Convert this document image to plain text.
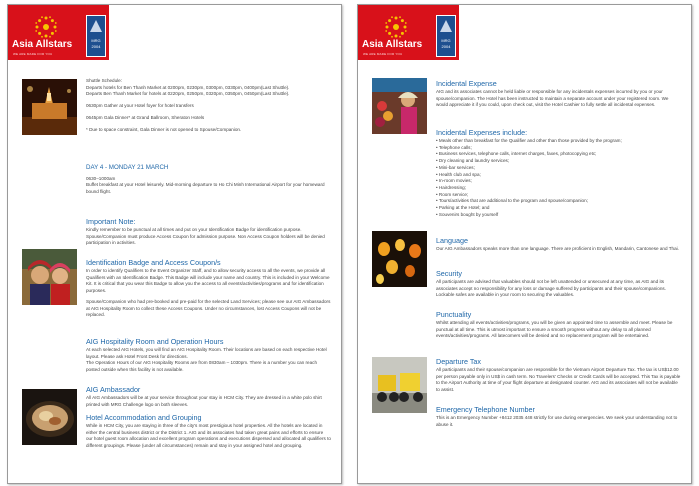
Asia Allstars
WE ARE MADE FOR YOU
MRG
2004

Shuttle Schedule:

Departs hotels for Ben Thanh Market at 0200pm, 0230pm, 0300pm, 0330pm, 0400pm(Last Shuttle).

Departs Ben Thanh Market for hotels at 0220pm, 0250pm, 0320pm, 0350pm, 0450pm(Last Shuttle).

0630pm Gather at your Hotel foyer for hotel transfers

0645pm Gala Dinner* at Grand Ballroom, Sheraton Hotels

* Due to space constraint, Gala Dinner is not opened to Spouse/Companion.

DAY 4 - MONDAY 21 MARCH

0630–1000am

Buffet breakfast at your Hotel leisurely. Mid-morning departure to Ho Chi Minh International Airport for your homeward bound flight.

Important Note:

Kindly remember to be punctual at all times and put on your Identification Badge for identification purpose. Spouse/Companion must produce Access Coupon for admission purpose. Non Access Coupon holders will be denied participation in activities.

Identification Badge and Access Coupon/s

In order to identify Qualifiers to the Event Organizer Staff, and to allow security access to all the events, we provide all Qualifiers with an Identification Badge. This Badge will include your name and country. This is included in your Welcome Kit. It is critical that you wear this Badge to allow you the access to all events/activities/programs and for identification purposes.

Spouse/Companion who had pre-booked and pre-paid for the selected Land Services; please see our AIG Ambassadors at AIG Hospitality Room to collect these Access Coupons. Under no circumstances, lost Access Coupons will not be replaced.

AIG Hospitality Room and Operation Hours

At each selected AIG Hotels, you will find an AIG Hospitality Room. Their locations are based on each respective Hotel layout. Please ask Hotel Front Desk for directions.

The Operation Hours of our AIG Hospitality Rooms are from 0830am – 1030pm. There is a number you can reach posted outside when this facility is not available.

AIG Ambassador

All AIG Ambassadors will be at your service throughout your stay in HCM City. They are dressed in a white polo shirt printed with MRG Challenge logo on both sleeves.

Hotel Accommodation and Grouping

While in HCM City, you are staying in three of the city's most prestigious hotel properties. All the hotels are located in either the central business district or the District 1. AIG and its associates had taken great pains and efforts to ensure our hotel guest room allocation and excellent program operations and executions dispersed and allocated all qualifiers to different groupings. Please (under all circumstances) remain and stay in your assigned hotel and grouping.

Asia Allstars
WE ARE MADE FOR YOU
MRG
2004
Incidental Expense

AIG and its associates cannot be held liable or responsible for any incidentals expenses incurred by you or your spouse/companion. The Hotel has been instructed to maintain a separate account under your registered room. We would appreciate it if you could, upon check out, visit the Hotel Cashier to fully settle all incidental expenses.

Incidental Expenses include:
• Meals other than breakfast for the Qualifier and other than those provided by the program;
• Telephone calls;
• Business services, telephone calls, internet charges, faxes, photocopying etc;
• Dry cleaning and laundry services;
• Mini-bar services;
• Health club and spa;
• In-room movies;
• Hairdressing;
• Room service;
• Tours/activities that are additional to the program and spouse/companion;
• Parking at the Hotel; and
• Souvenirs bought by yourself
Language

Our AIG Ambassadors speaks more than one language. There are proficient in English, Mandarin, Cantonese and Thai.

Security

All participants are advised that valuables should not be left unattended or unsecured at any time, as AIG and its associates accept no responsibility for any loss or damage suffered by participants and their spouse/companions. Lockable safes are available in your room to securing the valuables.

Punctuality

Whilst attending all events/activities/programs, you will be given an appointed time to assemble and meet. Please be punctual at all time. This is utmost important to ensure a smooth progress without any delay to all planned events/activities/programs. All latecomers will be denied and no replacement program will be entertained.

Departure Tax

All participants and their spouse/companion are responsible for the Vietnam Airport Departure Tax. The tax is US$12.00 per person payable only in US$ in cash term. No Travelers' Checks or Credit Cards will be accepted. This Tax is payable to the Airport Authority at time of your flight departure at designated counter. AIG and its associates will not be available to assist.

Emergency Telephone Number

This is an Emergency Number +8412 2035 448 strictly for use during emergencies. We seek your understanding not to abuse it.
